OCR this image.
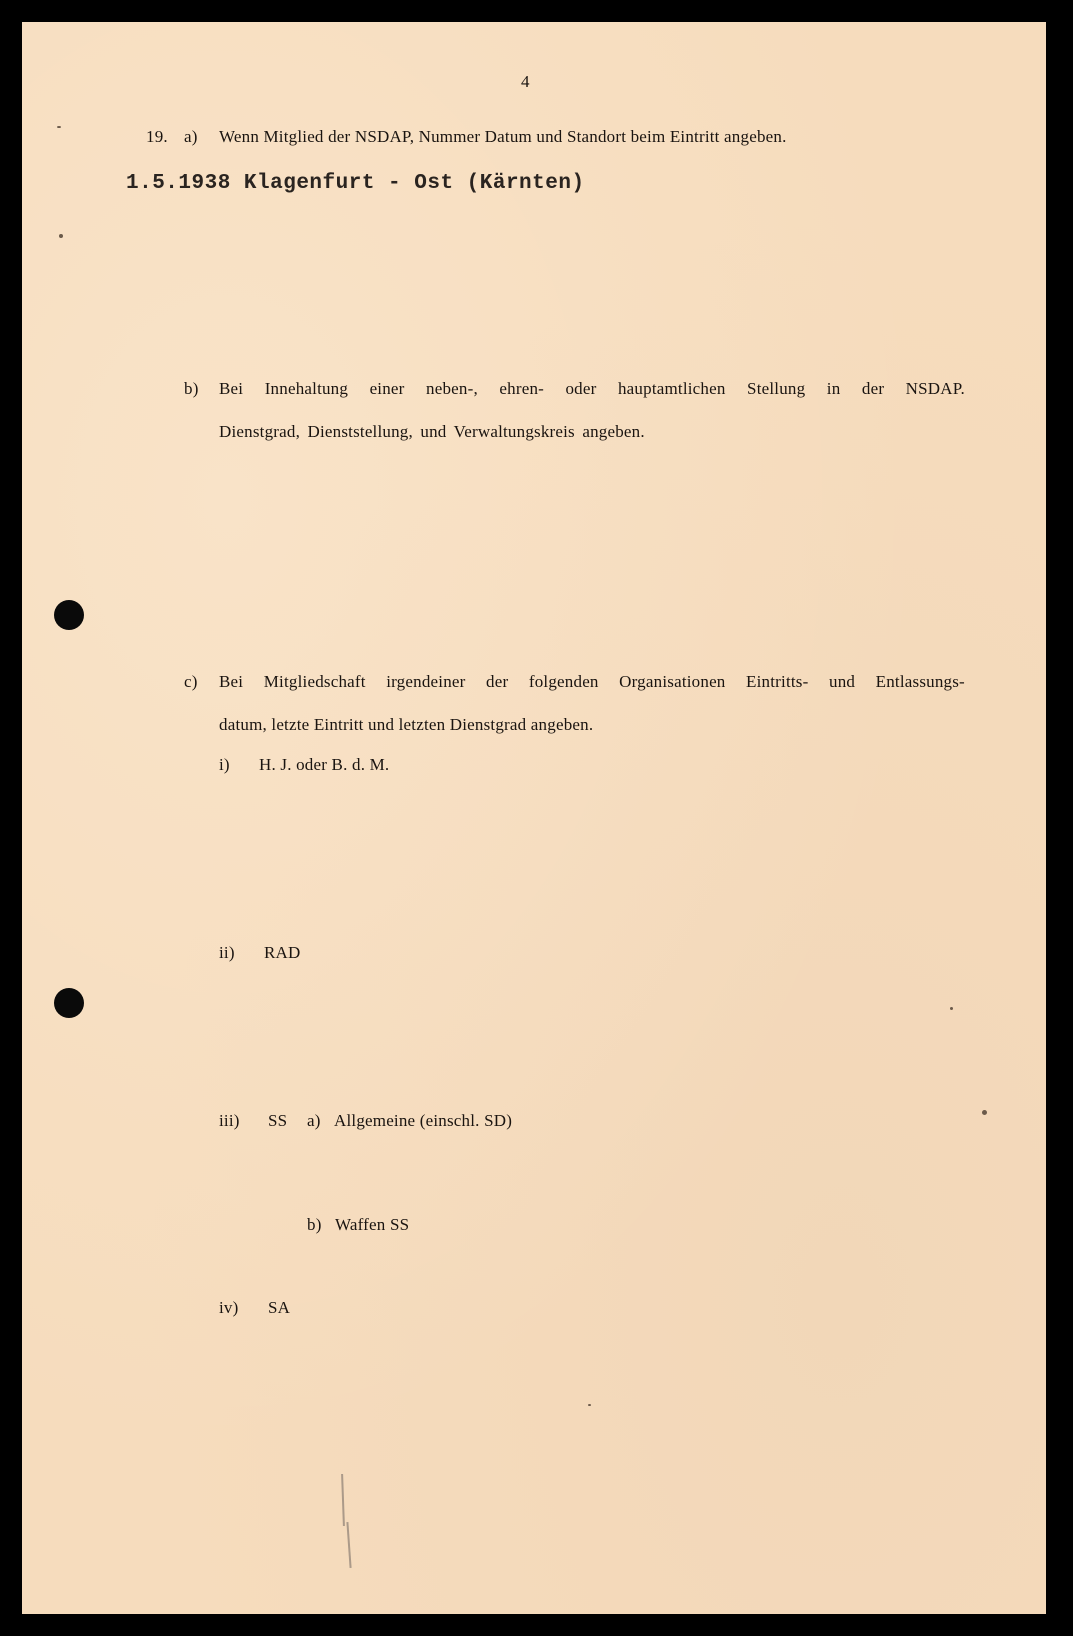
4
19. a) Wenn Mitglied der NSDAP, Nummer Datum und Standort beim Eintritt angeben.
1.5.1938 Klagenfurt - Ost (Kärnten)
b) Bei Innehaltung einer neben-, ehren- oder hauptamtlichen Stellung in der NSDAP.
Dienstgrad, Dienststellung, und Verwaltungskreis angeben.
c) Bei Mitgliedschaft irgendeiner der folgenden Organisationen Eintritts- und Entlassungs-
datum, letzte Eintritt und letzten Dienstgrad angeben.
i) H. J. oder B. d. M.
ii) RAD
iii) SS a) Allgemeine (einschl. SD)
b) Waffen SS
iv) SA
